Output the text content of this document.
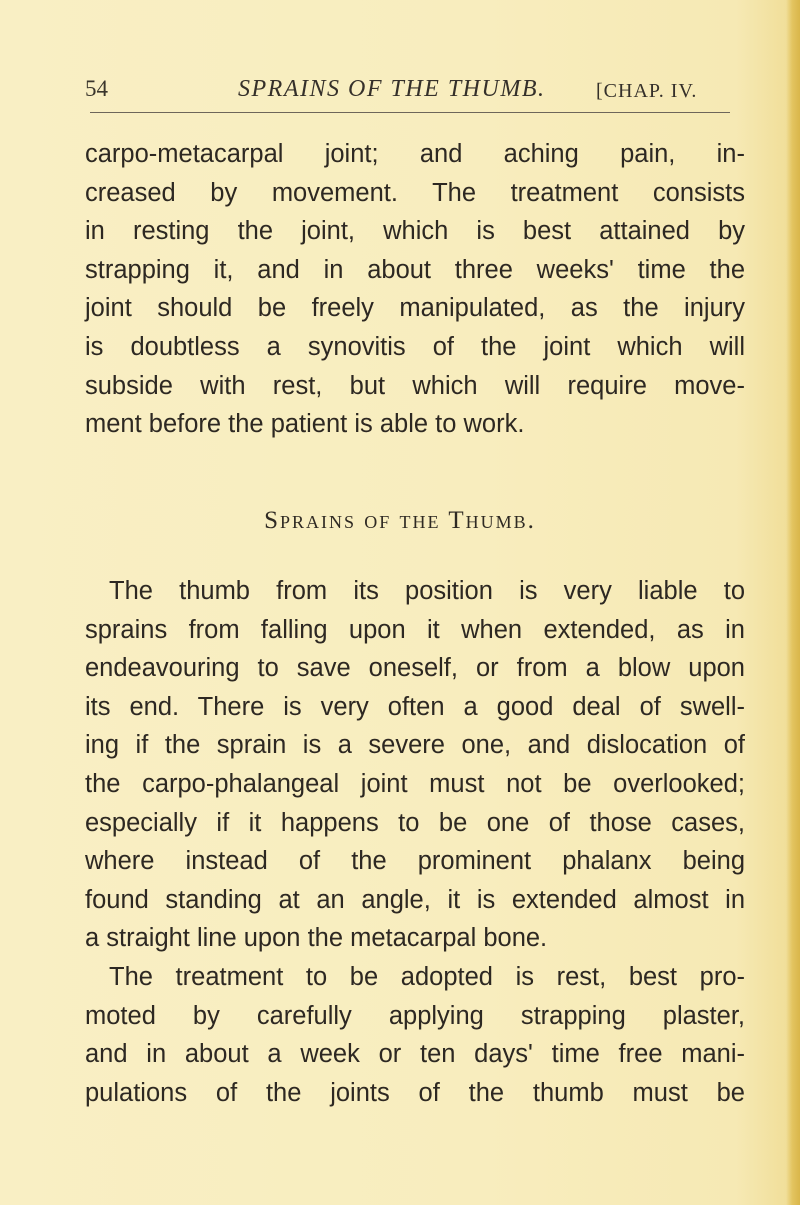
54	SPRAINS OF THE THUMB.	[CHAP. IV.
carpo-metacarpal joint; and aching pain, in-
creased by movement. The treatment consists
in resting the joint, which is best attained by
strapping it, and in about three weeks' time the
joint should be freely manipulated, as the injury
is doubtless a synovitis of the joint which will
subside with rest, but which will require move-
ment before the patient is able to work.
Sprains of the Thumb.
The thumb from its position is very liable to
sprains from falling upon it when extended, as in
endeavouring to save oneself, or from a blow upon
its end. There is very often a good deal of swell-
ing if the sprain is a severe one, and dislocation of
the carpo-phalangeal joint must not be overlooked;
especially if it happens to be one of those cases,
where instead of the prominent phalanx being
found standing at an angle, it is extended almost in
a straight line upon the metacarpal bone.
The treatment to be adopted is rest, best pro-
moted by carefully applying strapping plaster,
and in about a week or ten days' time free mani-
pulations of the joints of the thumb must be
